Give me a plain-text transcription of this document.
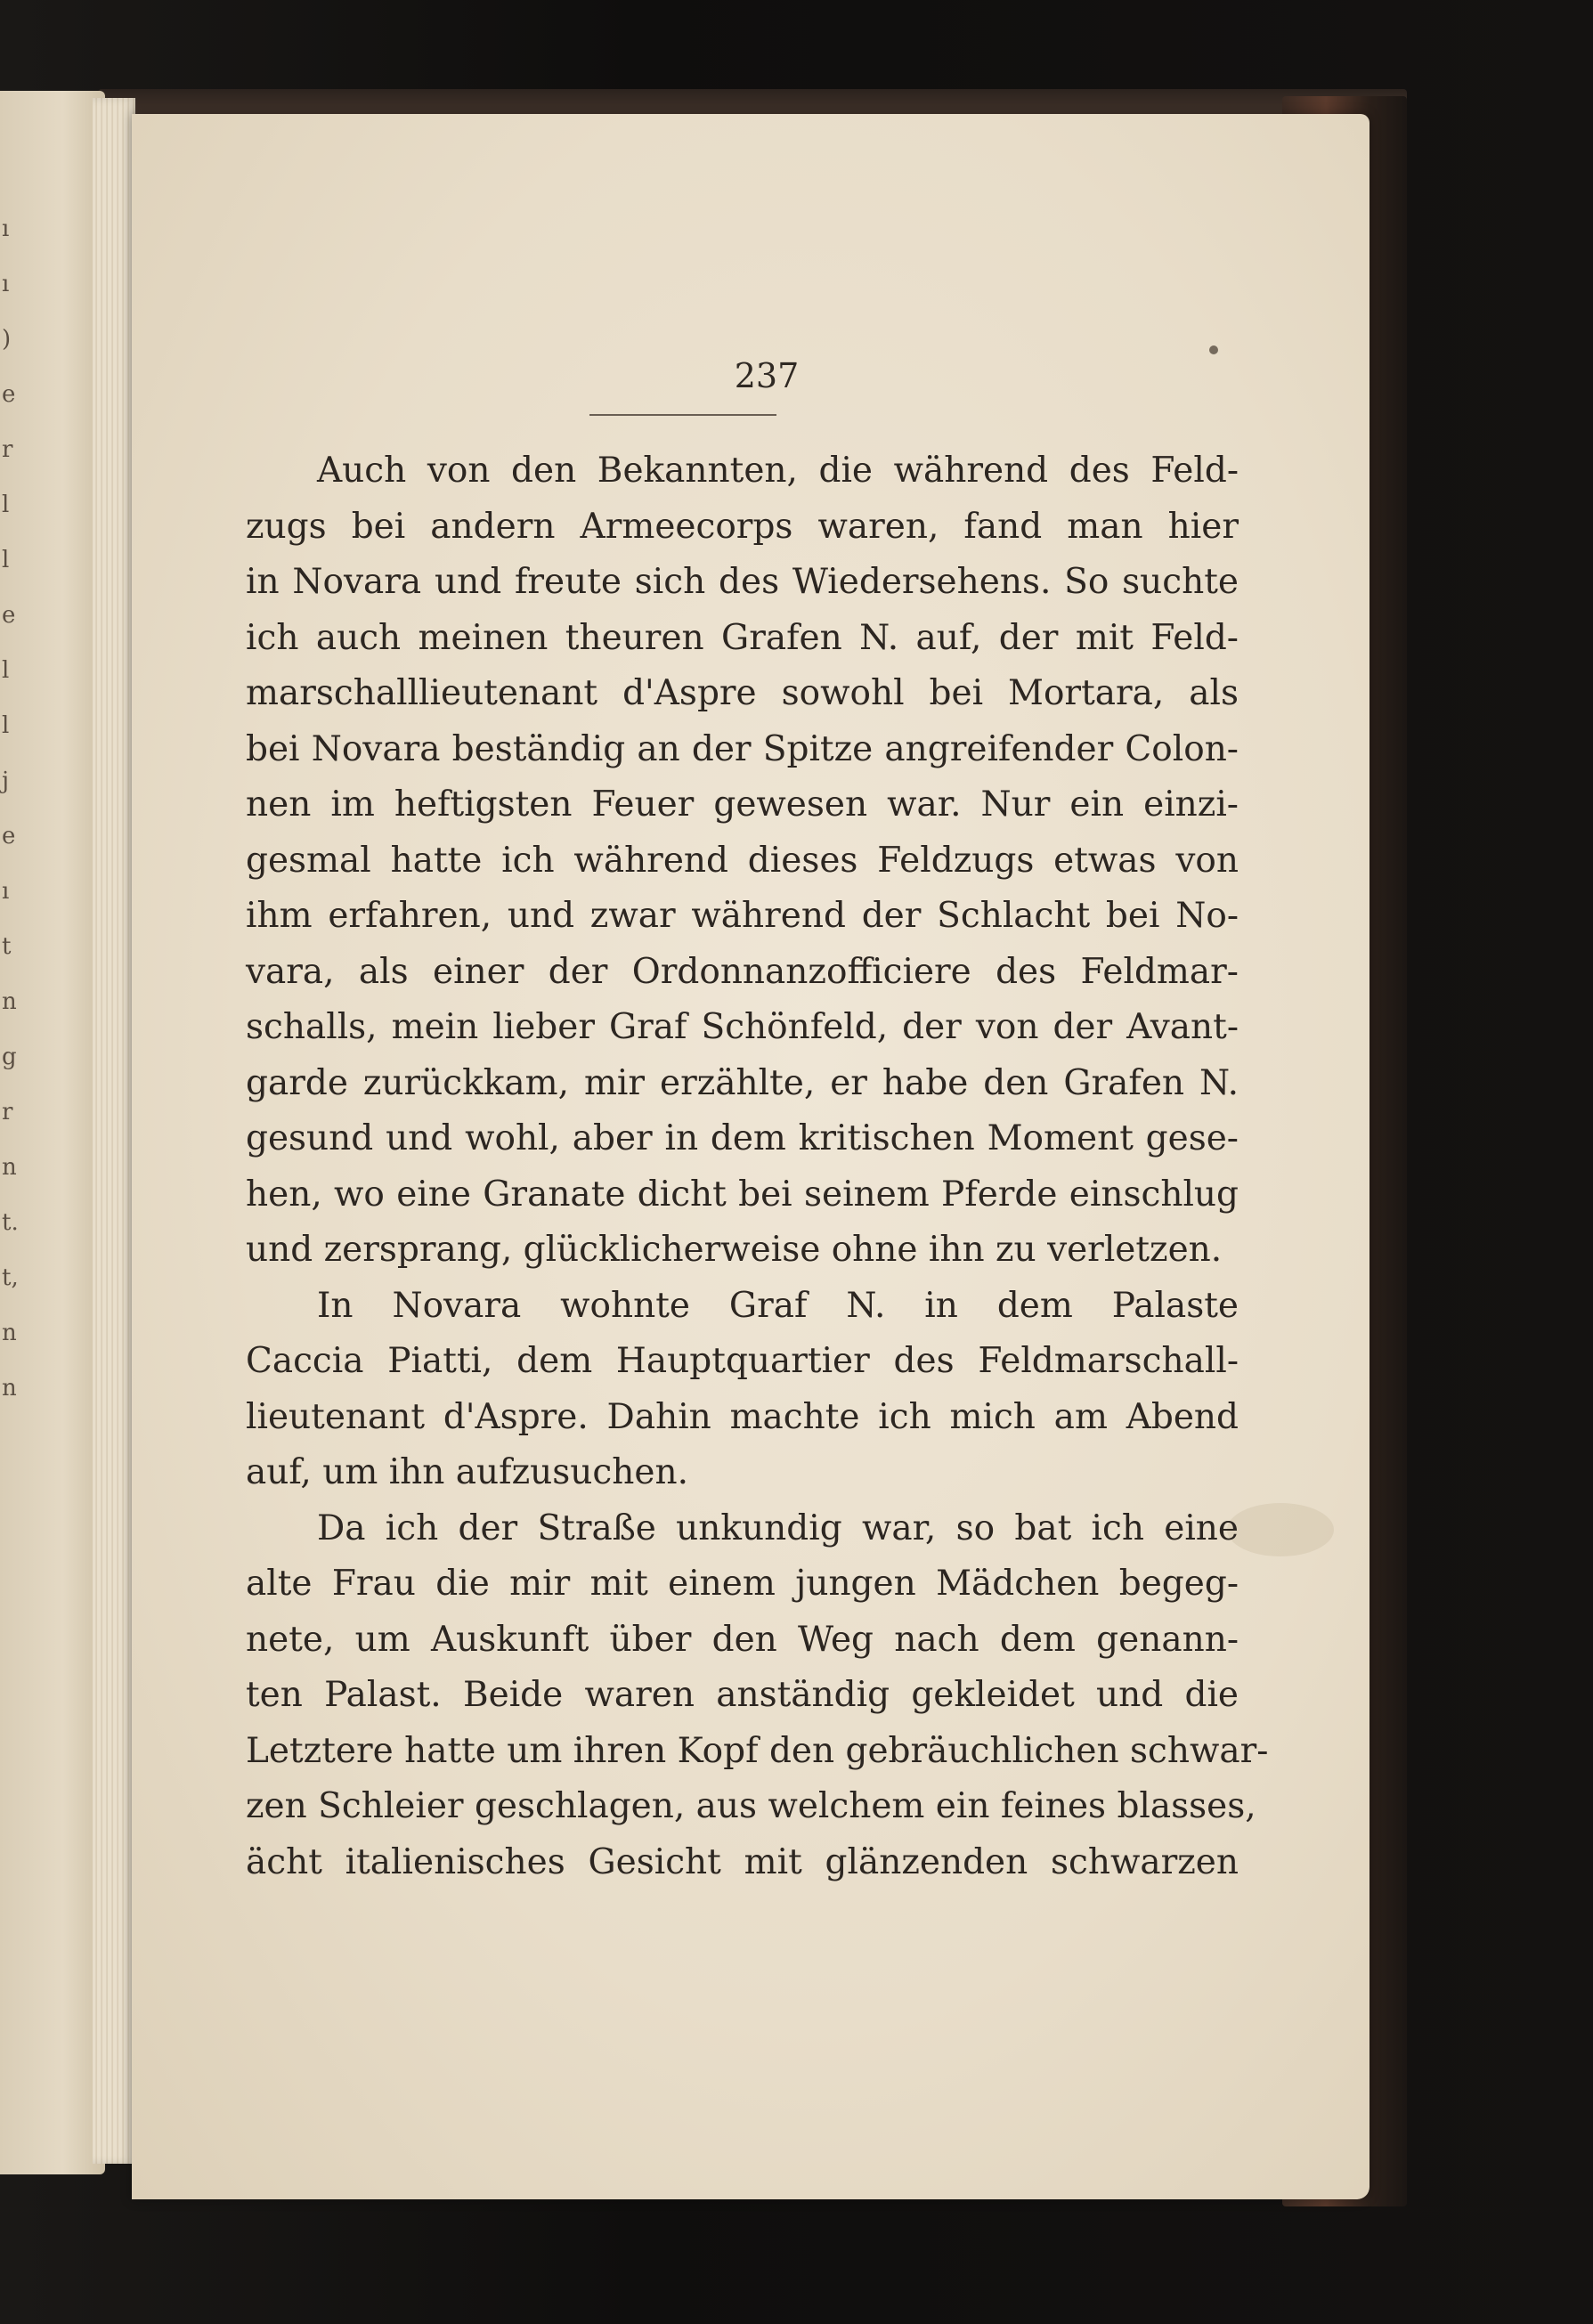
ı
ı
)
e
r
l
l
e
l
l
j
e
ı
t
n
g
r
n
t.
t,
n
n
237
Auch von den Bekannten, die während des Feld-
zugs bei andern Armeecorps waren, fand man hier
in Novara und freute sich des Wiedersehens. So suchte
ich auch meinen theuren Grafen N. auf, der mit Feld-
marschalllieutenant d'Aspre sowohl bei Mortara, als
bei Novara beständig an der Spitze angreifender Colon-
nen im heftigsten Feuer gewesen war. Nur ein einzi-
gesmal hatte ich während dieses Feldzugs etwas von
ihm erfahren, und zwar während der Schlacht bei No-
vara, als einer der Ordonnanzofficiere des Feldmar-
schalls, mein lieber Graf Schönfeld, der von der Avant-
garde zurückkam, mir erzählte, er habe den Grafen N.
gesund und wohl, aber in dem kritischen Moment gese-
hen, wo eine Granate dicht bei seinem Pferde einschlug
und zersprang, glücklicherweise ohne ihn zu verletzen.
In Novara wohnte Graf N. in dem Palaste
Caccia Piatti, dem Hauptquartier des Feldmarschall-
lieutenant d'Aspre. Dahin machte ich mich am Abend
auf, um ihn aufzusuchen.
Da ich der Straße unkundig war, so bat ich eine
alte Frau die mir mit einem jungen Mädchen begeg-
nete, um Auskunft über den Weg nach dem genann-
ten Palast. Beide waren anständig gekleidet und die
Letztere hatte um ihren Kopf den gebräuchlichen schwar-
zen Schleier geschlagen, aus welchem ein feines blasses,
ächt italienisches Gesicht mit glänzenden schwarzen
